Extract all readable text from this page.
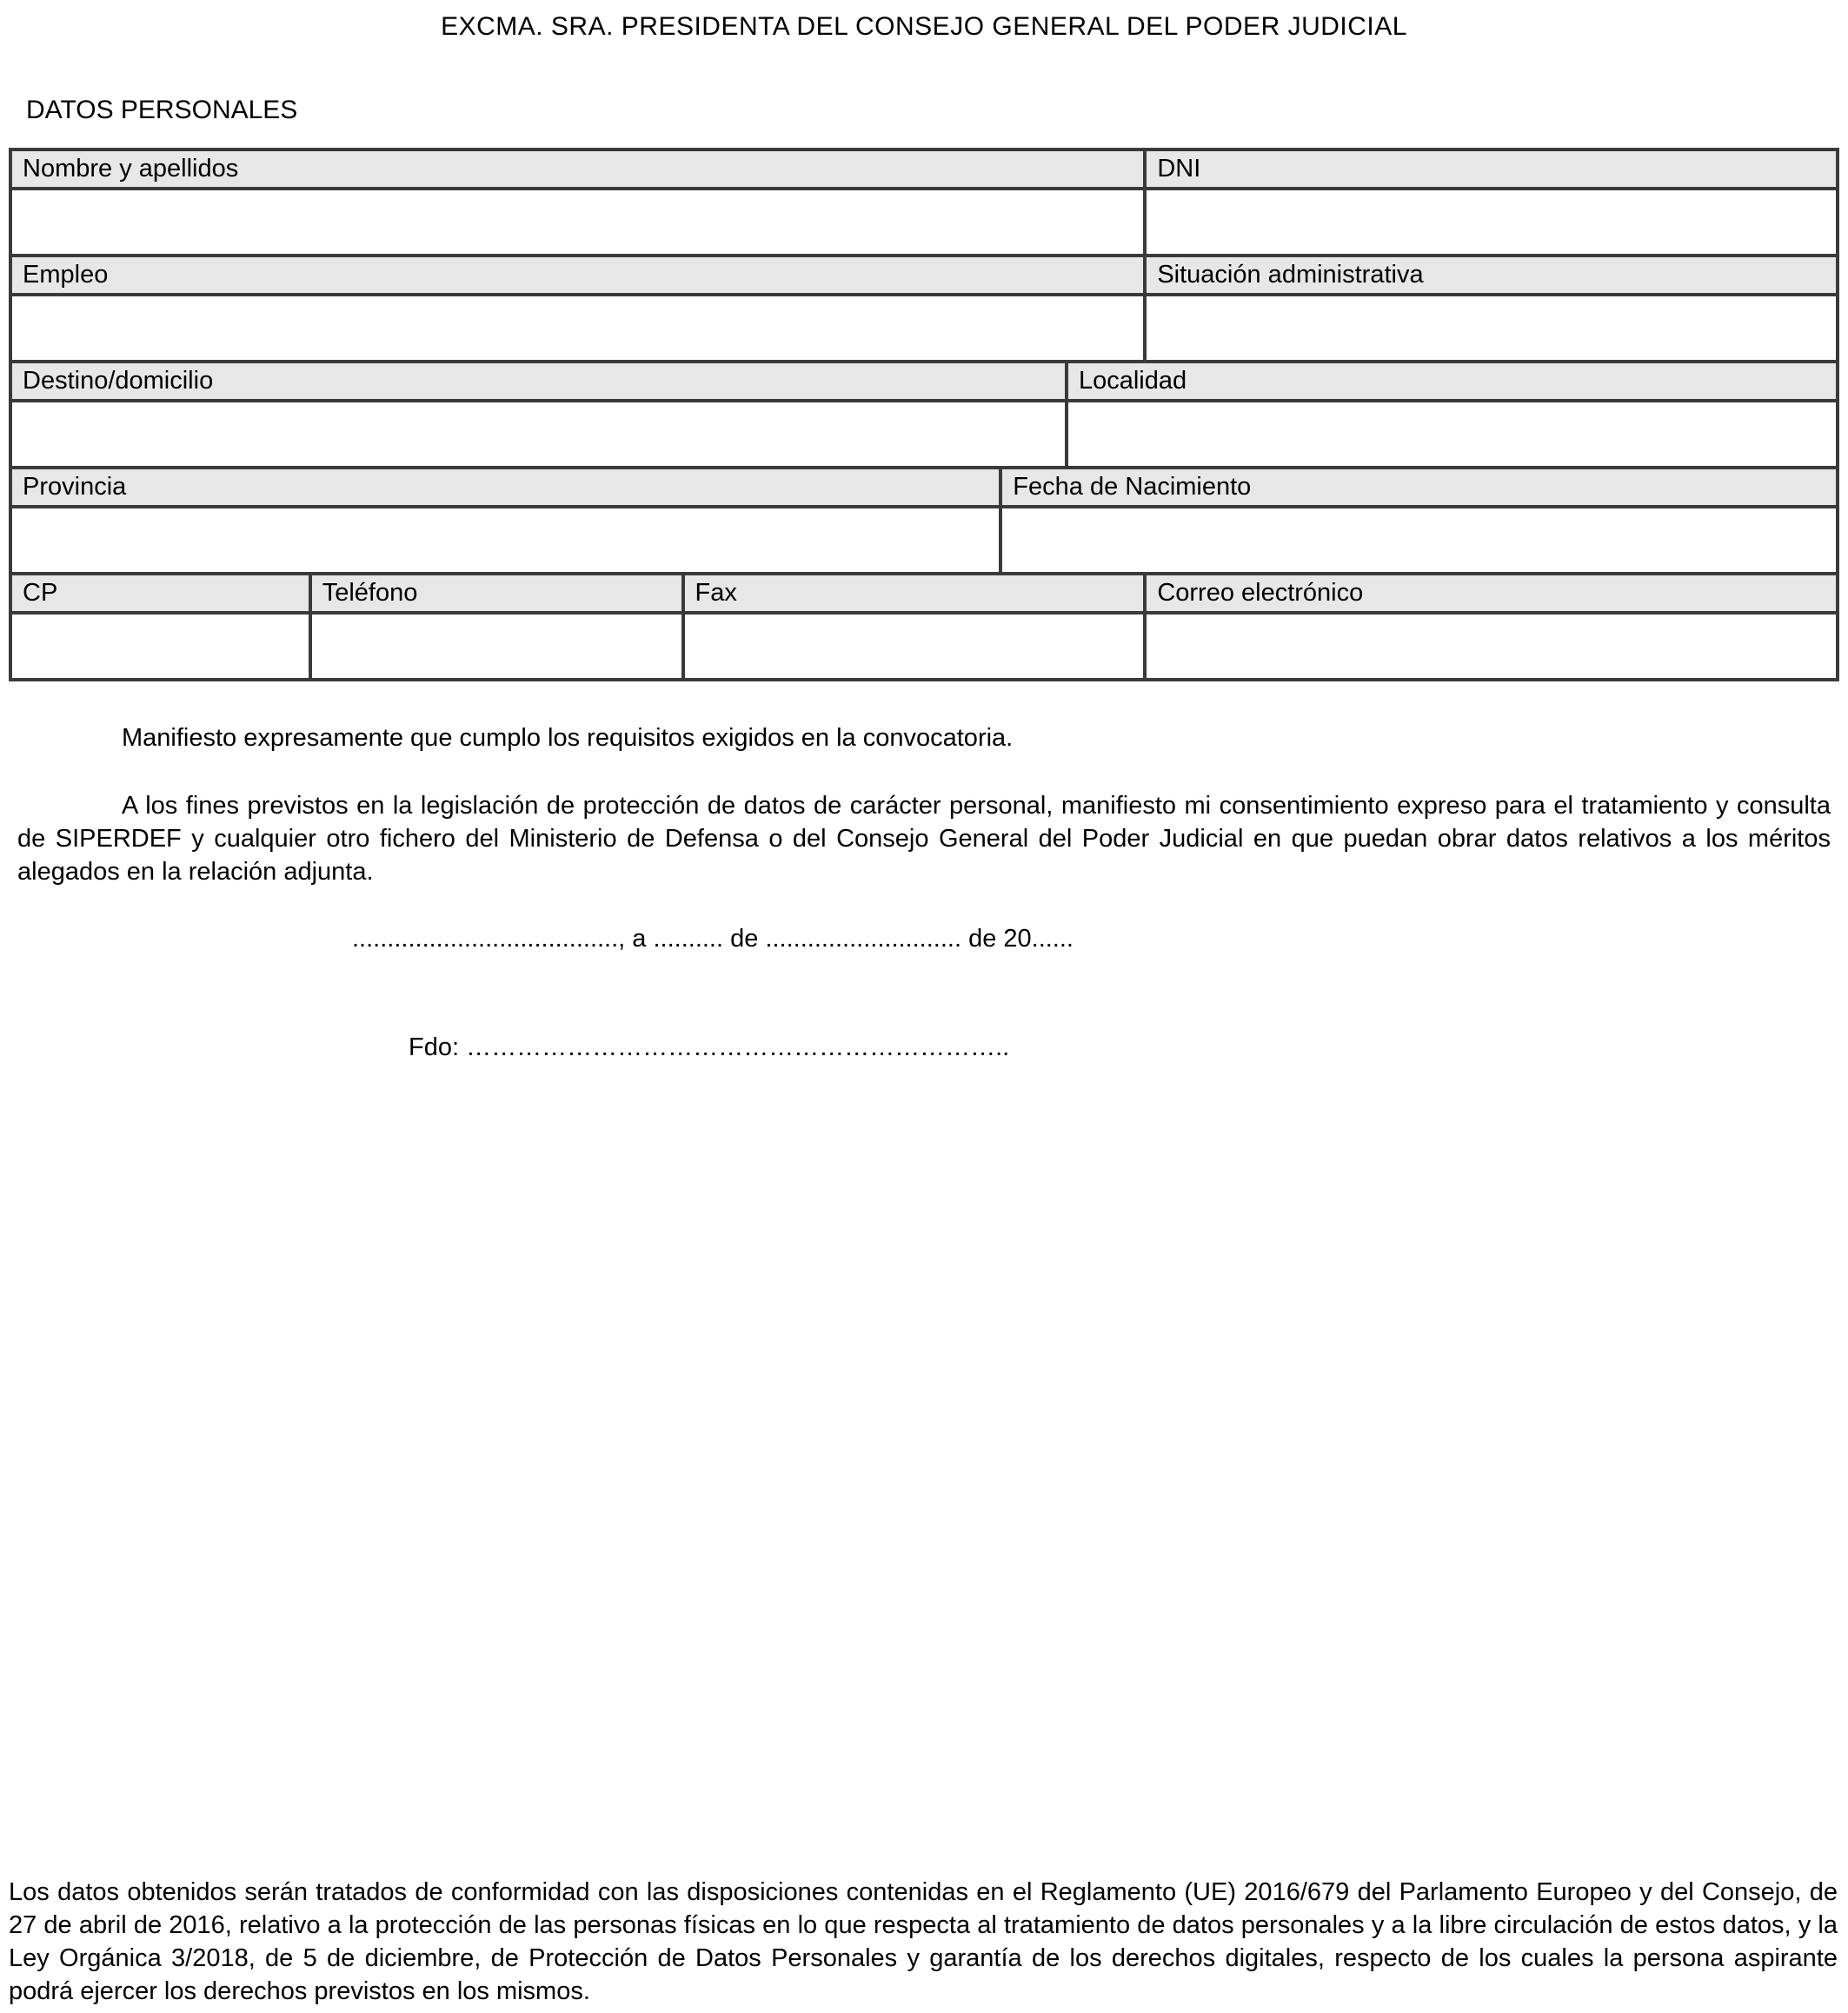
EXCMA. SRA. PRESIDENTA DEL CONSEJO GENERAL DEL PODER JUDICIAL
DATOS PERSONALES
Nombre y apellidos	DNI
Empleo	Situación administrativa
Destino/domicilio	Localidad
Provincia	Fecha de Nacimiento
CP	Teléfono	Fax	Correo electrónico

Manifiesto expresamente que cumplo los requisitos exigidos en la convocatoria.

A los fines previstos en la legislación de protección de datos de carácter personal, manifiesto mi consentimiento expreso para el tratamiento y consulta de SIPERDEF y cualquier otro fichero del Ministerio de Defensa o del Consejo General del Poder Judicial en que puedan obrar datos relativos a los méritos alegados en la relación adjunta.

......................................, a .......... de ............................ de 20......
Fdo: ………………………………………………………..
Los datos obtenidos serán tratados de conformidad con las disposiciones contenidas en el Reglamento (UE) 2016/679 del Parlamento Europeo y del Consejo, de 27 de abril de 2016, relativo a la protección de las personas físicas en lo que respecta al tratamiento de datos personales y a la libre circulación de estos datos, y la Ley Orgánica 3/2018, de 5 de diciembre, de Protección de Datos Personales y garantía de los derechos digitales, respecto de los cuales la persona aspirante podrá ejercer los derechos previstos en los mismos.
